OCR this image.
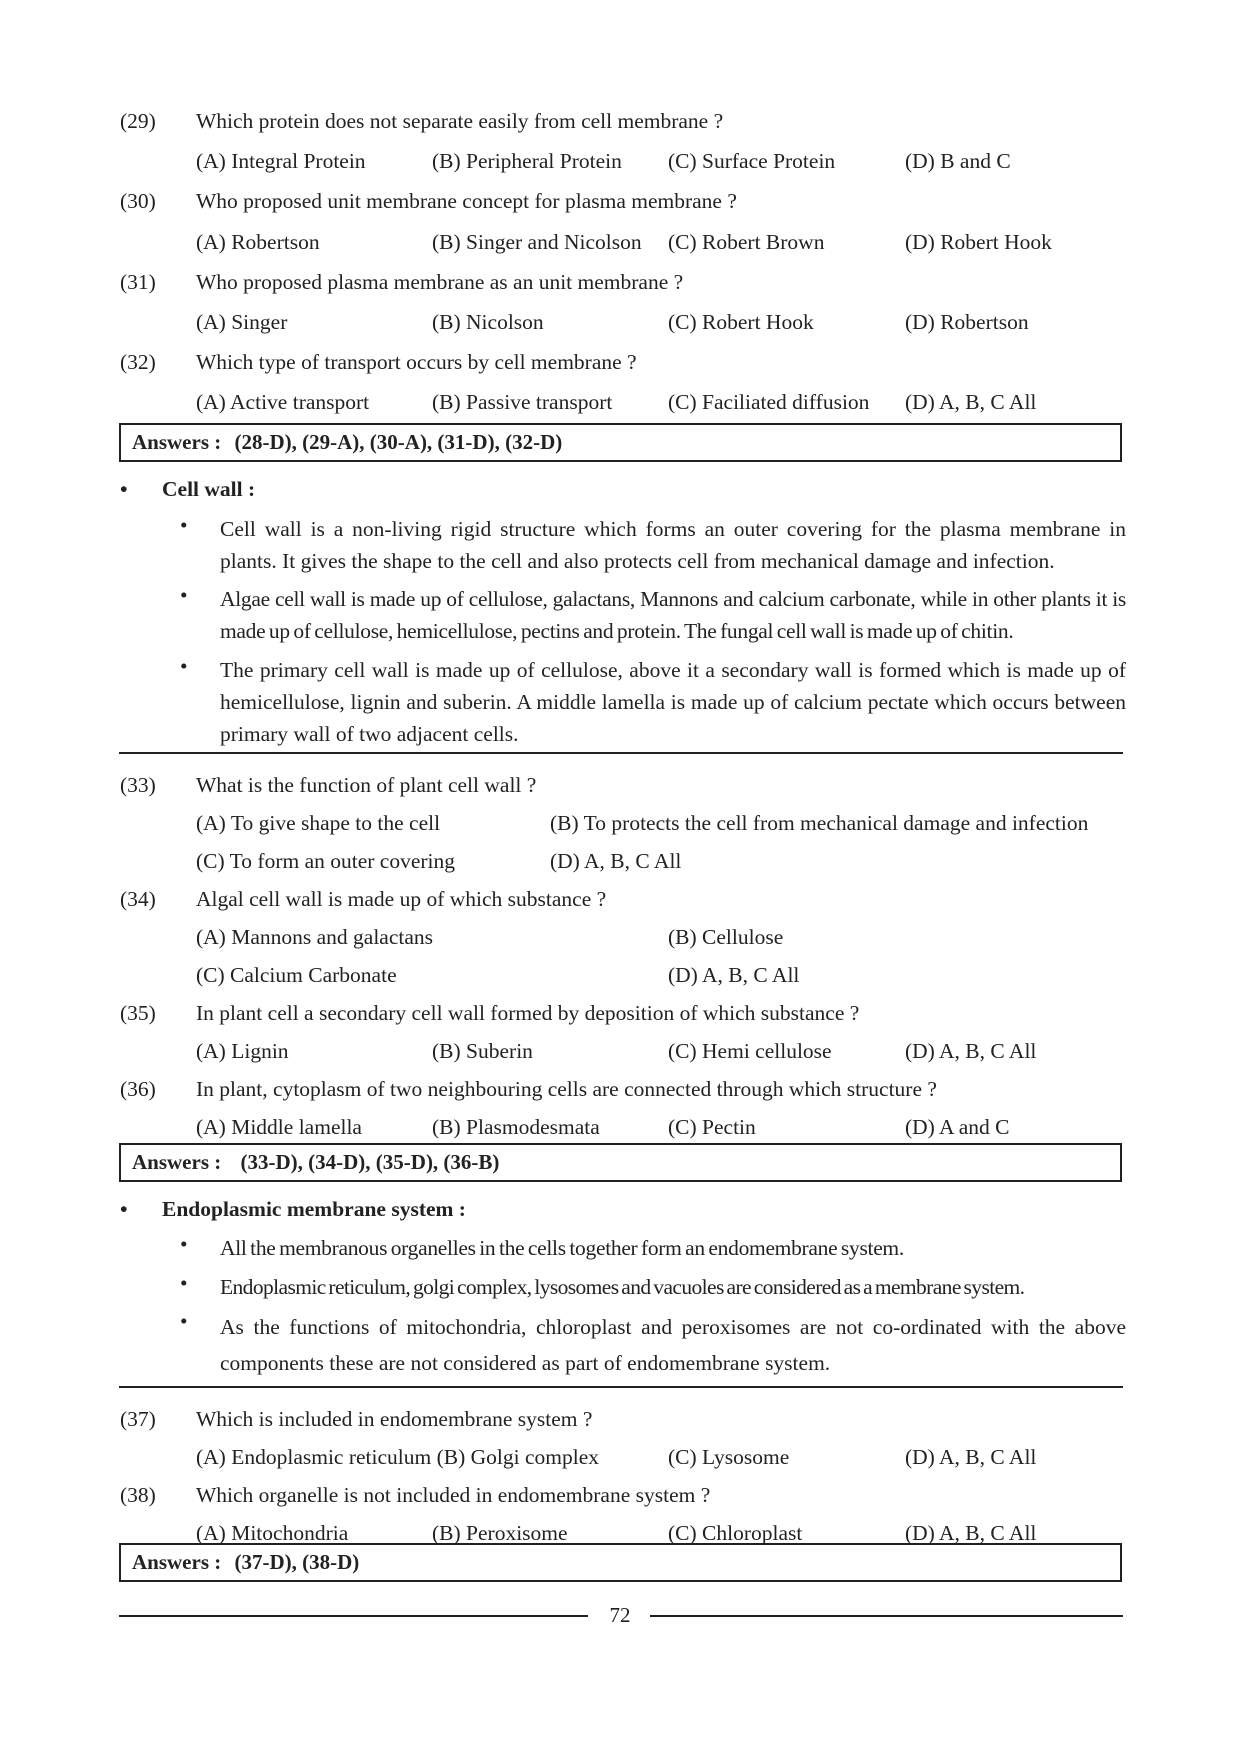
(29) Which protein does not separate easily from cell membrane ?
(A) Integral Protein	(B) Peripheral Protein (C) Surface Protein	(D) B and C
(30) Who proposed unit membrane concept for plasma membrane ?
(A) Robertson	(B) Singer and Nicolson (C) Robert Brown	(D) Robert Hook
(31) Who proposed plasma membrane as an unit membrane ?
(A) Singer	(B) Nicolson	(C) Robert Hook	(D) Robertson
(32) Which type of transport occurs by cell membrane ?
(A) Active transport	(B) Passive transport	(C) Faciliated diffusion (D) A, B, C All
Answers : (28-D), (29-A), (30-A), (31-D), (32-D)
• Cell wall :
• Cell wall is a non-living rigid structure which forms an outer covering for the plasma membrane in plants. It gives the shape to the cell and also protects cell from mechanical damage and infection.
• Algae cell wall is made up of cellulose, galactans, Mannons and calcium carbonate, while in other plants it is made up of cellulose, hemicellulose, pectins and protein. The fungal cell wall is made up of chitin.
• The primary cell wall is made up of cellulose, above it a secondary wall is formed which is made up of hemicellulose, lignin and suberin. A middle lamella is made up of calcium pectate which occurs between primary wall of two adjacent cells.
(33) What is the function of plant cell wall ?
(A) To give shape to the cell	(B) To protects the cell from mechanical damage and infection
(C) To form an outer covering	(D) A, B, C All
(34) Algal cell wall is made up of which substance ?
(A) Mannons and galactans	(B) Cellulose
(C) Calcium Carbonate	(D) A, B, C All
(35) In plant cell a secondary cell wall formed by deposition of which substance ?
(A) Lignin	(B) Suberin	(C) Hemi cellulose	(D) A, B, C All
(36) In plant, cytoplasm of two neighbouring cells are connected through which structure ?
(A) Middle lamella	(B) Plasmodesmata	(C) Pectin	(D) A and C
Answers : (33-D), (34-D), (35-D), (36-B)
• Endoplasmic membrane system :
• All the membranous organelles in the cells together form an endomembrane system.
• Endoplasmic reticulum, golgi complex, lysosomes and vacuoles are considered as a membrane system.
• As the functions of mitochondria, chloroplast and peroxisomes are not co-ordinated with the above components these are not considered as part of endomembrane system.
(37) Which is included in endomembrane system ?
(A) Endoplasmic reticulum (B) Golgi complex	(C) Lysosome	(D) A, B, C All
(38) Which organelle is not included in endomembrane system ?
(A) Mitochondria	(B) Peroxisome	(C) Chloroplast	(D) A, B, C All
Answers : (37-D), (38-D)
72
